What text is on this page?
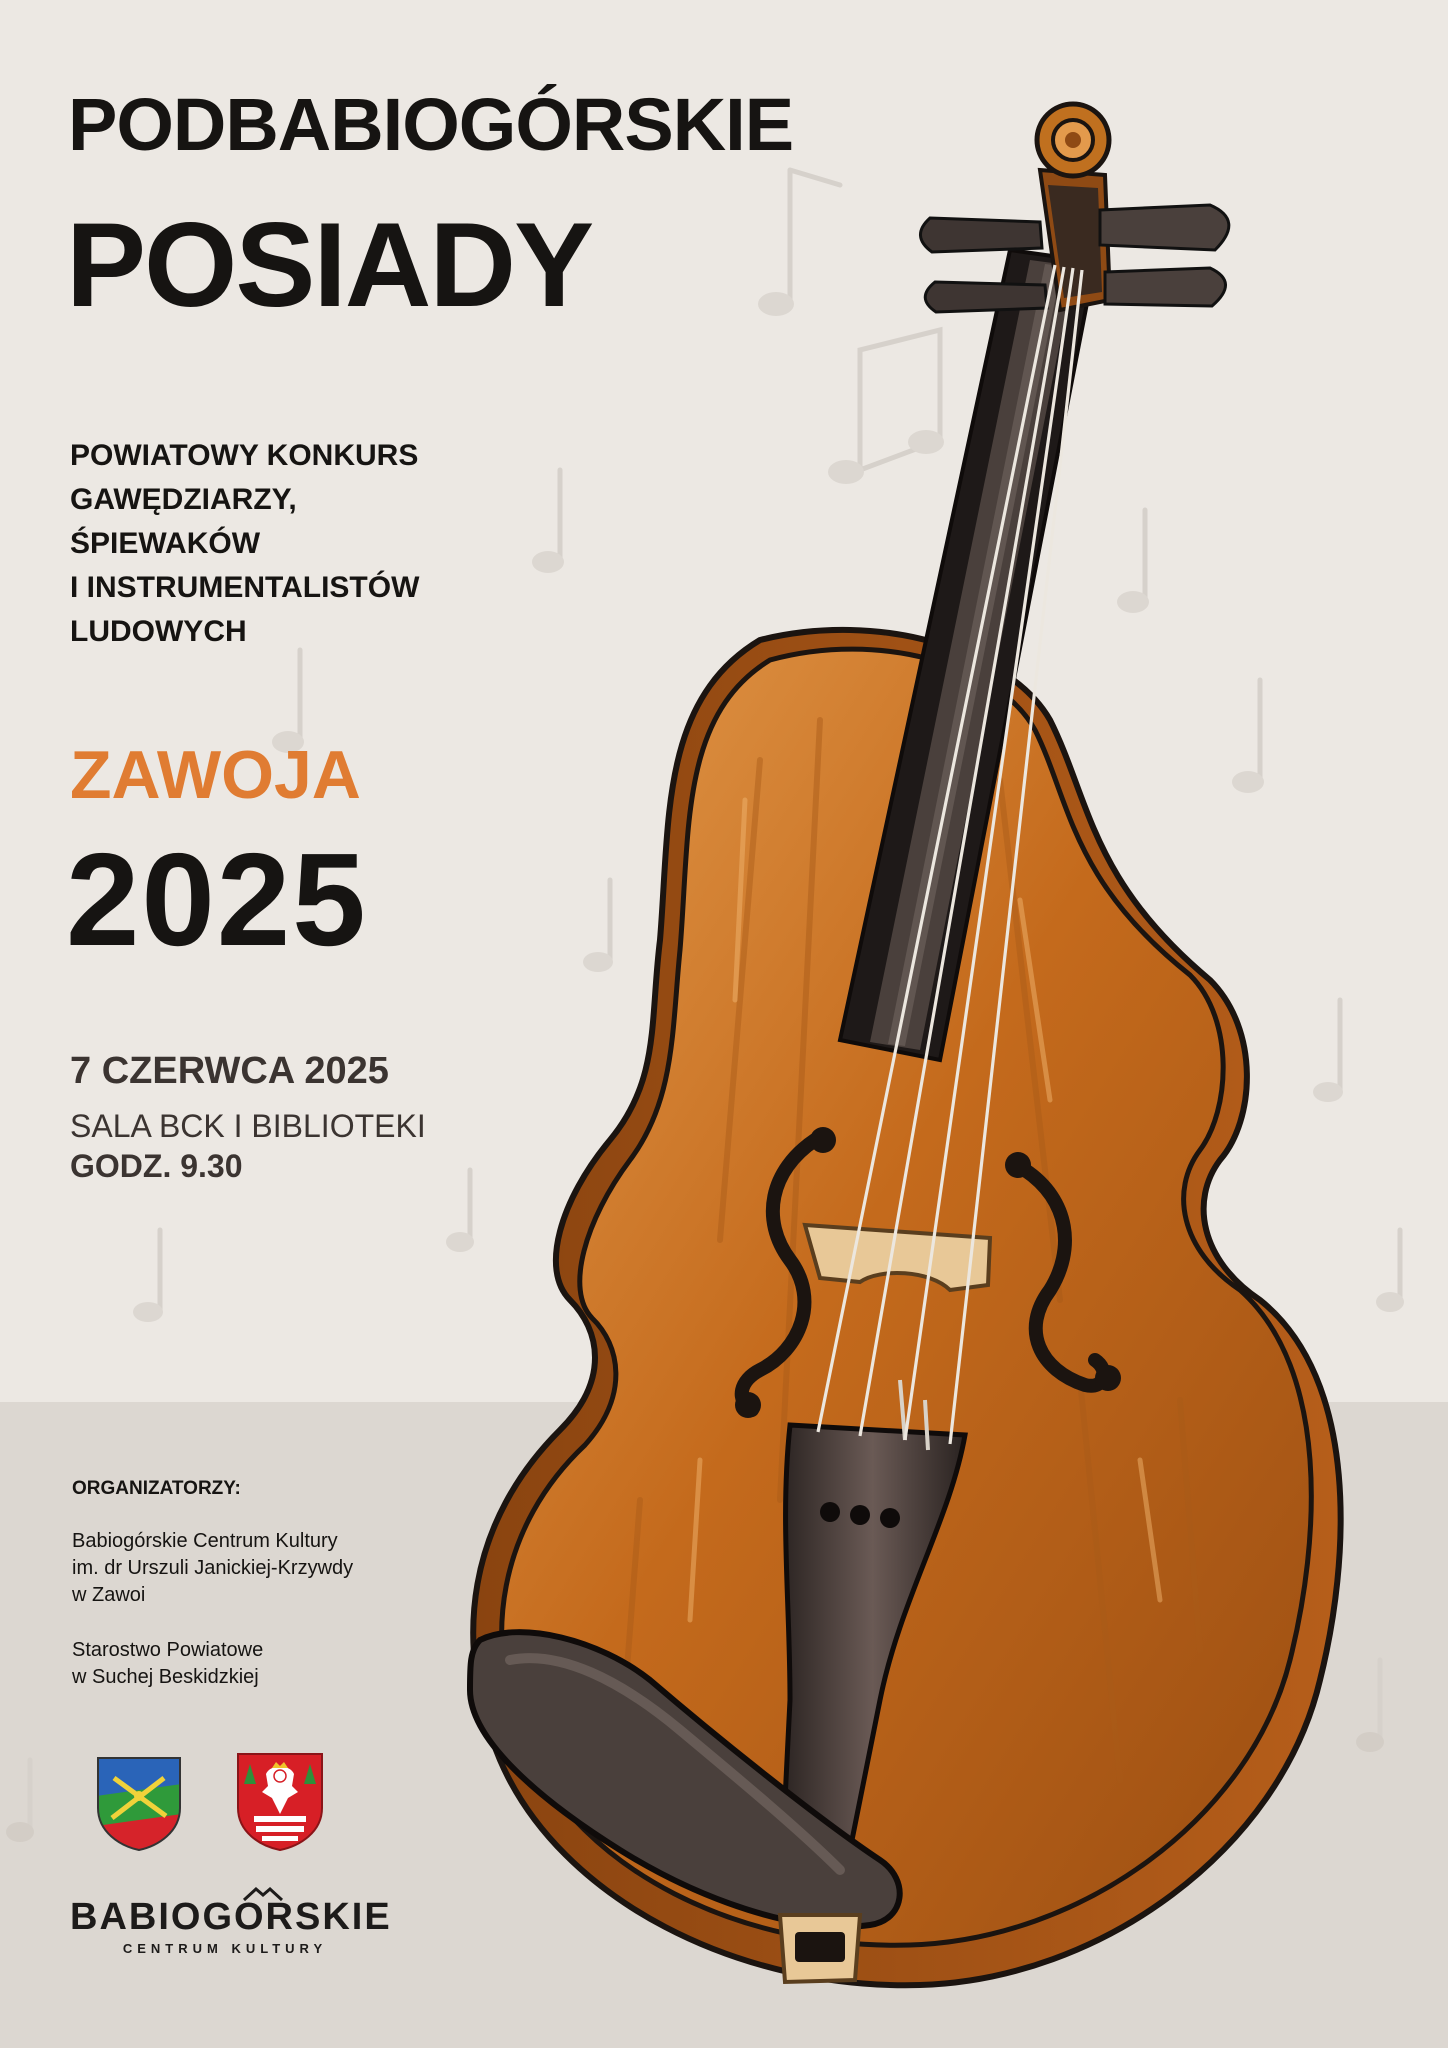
PODBABIOGÓRSKIE
POSIADY
POWIATOWY KONKURS
GAWĘDZIARZY,
ŚPIEWAKÓW
I INSTRUMENTALISTÓW
LUDOWYCH
ZAWOJA
2025
7 CZERWCA 2025
SALA BCK I BIBLIOTEKI
GODZ. 9.30
ORGANIZATORZY:
Babiogórskie Centrum Kultury
im. dr Urszuli Janickiej-Krzywdy
w Zawoi
Starostwo Powiatowe
w Suchej Beskidzkiej
BABIOGORSKIE
CENTRUM KULTURY
